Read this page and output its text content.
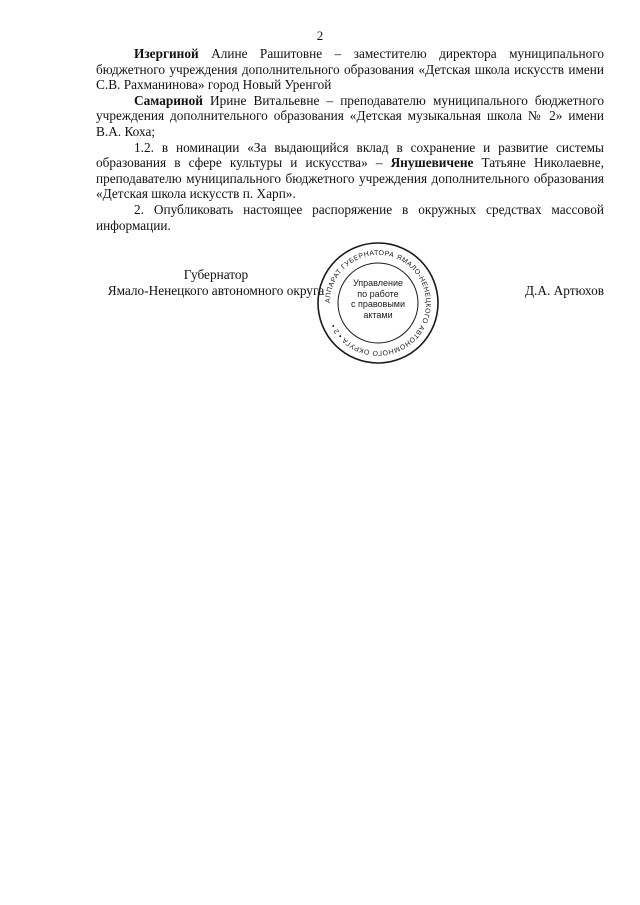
2

Изергиной Алине Рашитовне – заместителю директора муниципального бюджетного учреждения дополнительного образования «Детская школа искусств имени С.В. Рахманинова» город Новый Уренгой

Самариной Ирине Витальевне – преподавателю муниципального бюджетного учреждения дополнительного образования «Детская музыкальная школа № 2» имени В.А. Коха;

1.2. в номинации «За выдающийся вклад в сохранение и развитие системы образования в сфере культуры и искусства» – Янушевичене Татьяне Николаевне, преподавателю муниципального бюджетного учреждения дополнительного образования «Детская школа искусств п. Харп».

2. Опубликовать настоящее распоряжение в окружных средствах массовой информации.

Губернатор
Ямало-Ненецкого автономного округа	Д.А. Артюхов
АППАРАТ ГУБЕРНАТОРА ЯМАЛО-НЕНЕЦКОГО АВТОНОМНОГО ОКРУГА • 2 •
Управление
по работе
с правовыми
актами
